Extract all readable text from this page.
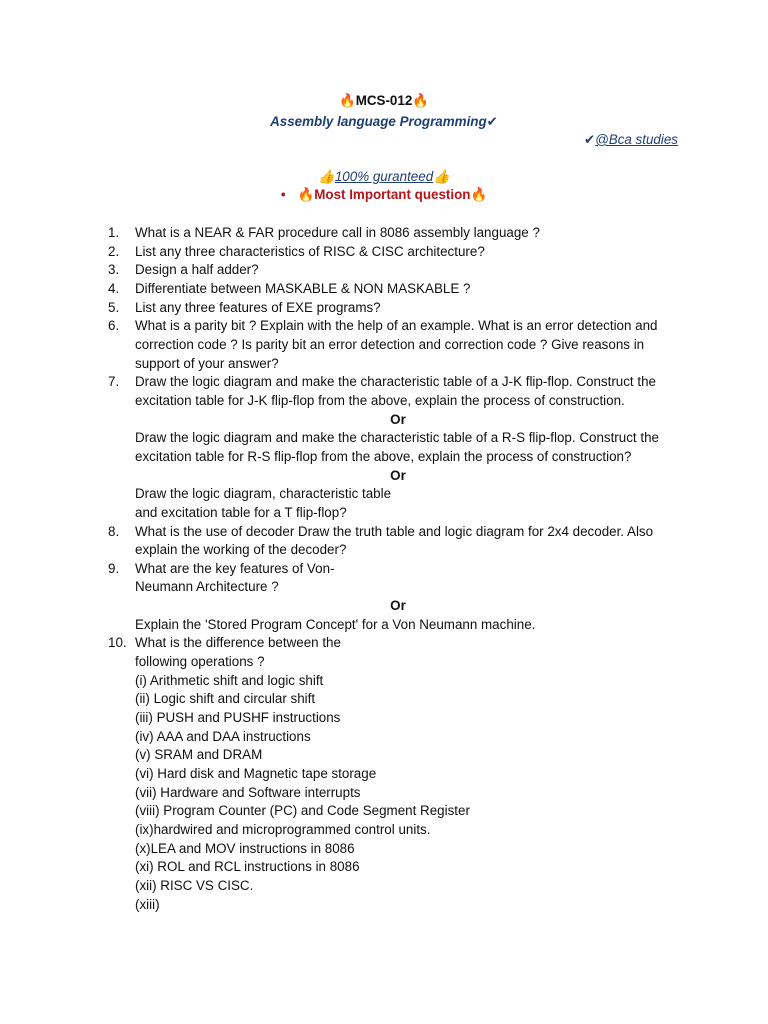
🔥MCS-012🔥
Assembly language Programming✔
✔@Bca studies
👍100% guranteed👍
• 🔥Most Important question🔥
1.	What is a NEAR & FAR procedure call in 8086 assembly language ?
2.	List any three characteristics of RISC & CISC architecture?
3.	Design a half adder?
4.	Differentiate between MASKABLE & NON MASKABLE ?
5.	List any three features of EXE programs?
6.	What is a parity bit ? Explain with the help of an example. What is an error detection and
correction code ? Is parity bit an error detection and correction code ? Give reasons in
support of your answer?
7.	Draw the logic diagram and make the characteristic table of a J-K flip-flop. Construct the
excitation table for J-K flip-flop from the above, explain the process of construction.
Or
Draw the logic diagram and make the characteristic table of a R-S flip-flop. Construct the
excitation table for R-S flip-flop from the above, explain the process of construction?
Or
Draw the logic diagram, characteristic table
and excitation table for a T flip-flop?
8.	What is the use of decoder Draw the truth table and logic diagram for 2x4 decoder. Also
explain the working of the decoder?
9.	What are the key features of Von-
Neumann Architecture ?
Or
Explain the 'Stored Program Concept' for a Von Neumann machine.
10. What is the difference between the
following operations ?
(i) Arithmetic shift and logic shift
(ii) Logic shift and circular shift
(iii) PUSH and PUSHF instructions
(iv) AAA and DAA instructions
(v) SRAM and DRAM
(vi) Hard disk and Magnetic tape storage
(vii) Hardware and Software interrupts
(viii) Program Counter (PC) and Code Segment Register
(ix)hardwired and microprogrammed control units.
(x)LEA and MOV instructions in 8086
(xi) ROL and RCL instructions in 8086
(xii) RISC VS CISC.
(xiii)
